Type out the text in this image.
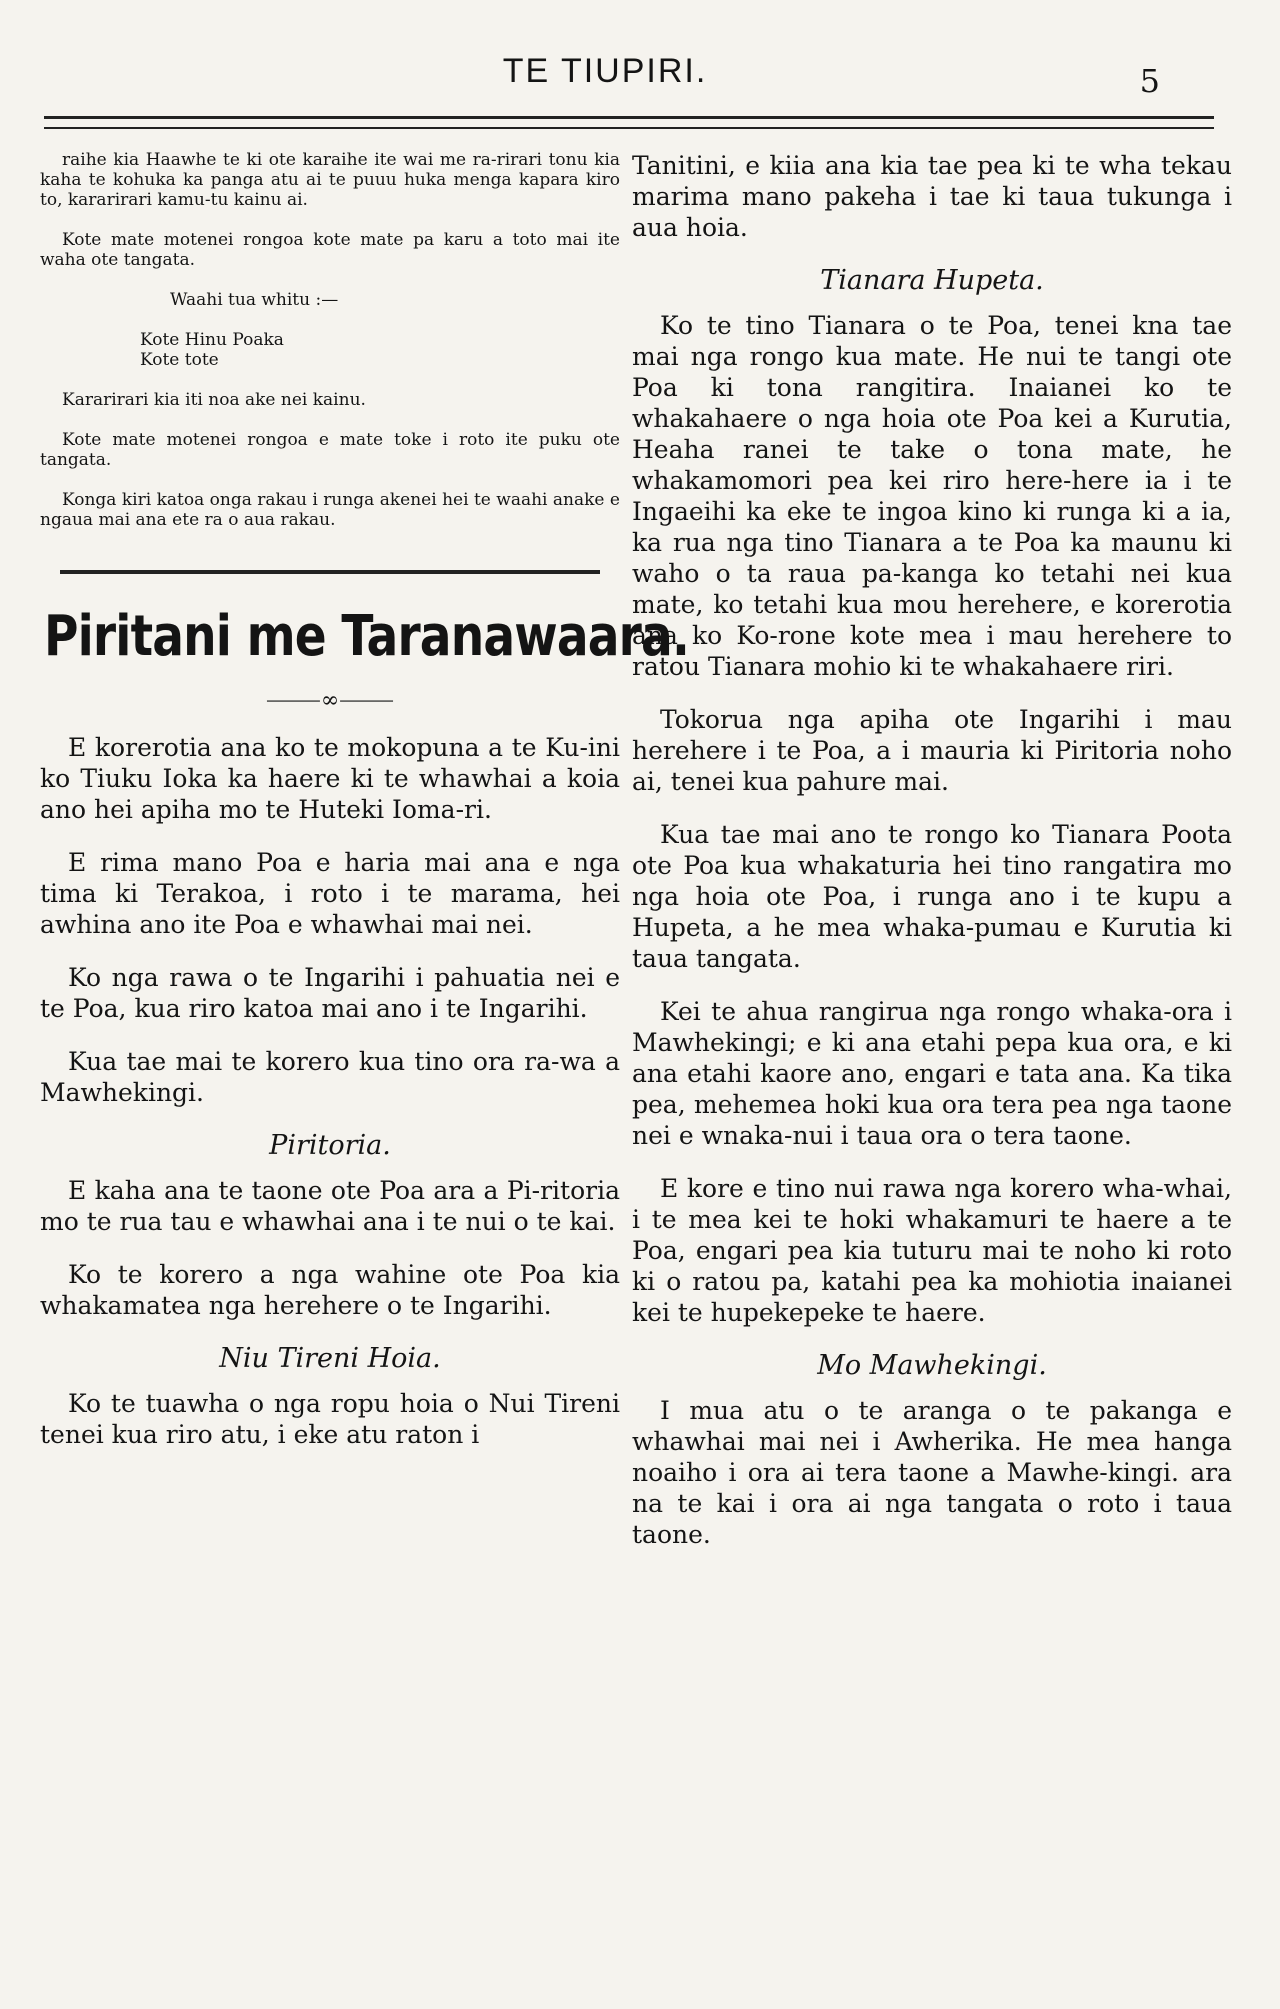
TE TIUPIRI.	5

raihe kia Haawhe te ki ote karaihe ite wai me ra-rirari tonu kia kaha te kohuka ka panga atu ai te puuu huka menga kapara kiro to, kararirari kamu-tu kainu ai.

Kote mate motenei rongoa kote mate pa karu a toto mai ite waha ote tangata.

Waahi tua whitu :—

Kote Hinu Poaka

Kote tote

Kararirari kia iti noa ake nei kainu.

Kote mate motenei rongoa e mate toke i roto ite puku ote tangata.

Konga kiri katoa onga rakau i runga akenei hei te waahi anake e ngaua mai ana ete ra o aua rakau.

Piritani me Taranawaara.
⸻∞⸻

E korerotia ana ko te mokopuna a te Ku-ini ko Tiuku Ioka ka haere ki te whawhai a koia ano hei apiha mo te Huteki Ioma-ri.

E rima mano Poa e haria mai ana e nga tima ki Terakoa, i roto i te marama, hei awhina ano ite Poa e whawhai mai nei.

Ko nga rawa o te Ingarihi i pahuatia nei e te Poa, kua riro katoa mai ano i te Ingarihi.

Kua tae mai te korero kua tino ora ra-wa a Mawhekingi.

Piritoria.

E kaha ana te taone ote Poa ara a Pi-ritoria mo te rua tau e whawhai ana i te nui o te kai.

Ko te korero a nga wahine ote Poa kia whakamatea nga herehere o te Ingarihi.

Niu Tireni Hoia.

Ko te tuawha o nga ropu hoia o Nui Tireni tenei kua riro atu, i eke atu raton i

Tanitini, e kiia ana kia tae pea ki te wha tekau marima mano pakeha i tae ki taua tukunga i aua hoia.

Tianara Hupeta.

Ko te tino Tianara o te Poa, tenei kna tae mai nga rongo kua mate. He nui te tangi ote Poa ki tona rangitira. Inaianei ko te whakahaere o nga hoia ote Poa kei a Kurutia, Heaha ranei te take o tona mate, he whakamomori pea kei riro here-here ia i te Ingaeihi ka eke te ingoa kino ki runga ki a ia, ka rua nga tino Tianara a te Poa ka maunu ki waho o ta raua pa-kanga ko tetahi nei kua mate, ko tetahi kua mou herehere, e korerotia ana ko Ko-rone kote mea i mau herehere to ratou Tianara mohio ki te whakahaere riri.

Tokorua nga apiha ote Ingarihi i mau herehere i te Poa, a i mauria ki Piritoria noho ai, tenei kua pahure mai.

Kua tae mai ano te rongo ko Tianara Poota ote Poa kua whakaturia hei tino rangatira mo nga hoia ote Poa, i runga ano i te kupu a Hupeta, a he mea whaka-pumau e Kurutia ki taua tangata.

Kei te ahua rangirua nga rongo whaka-ora i Mawhekingi; e ki ana etahi pepa kua ora, e ki ana etahi kaore ano, engari e tata ana. Ka tika pea, mehemea hoki kua ora tera pea nga taone nei e wnaka-nui i taua ora o tera taone.

E kore e tino nui rawa nga korero wha-whai, i te mea kei te hoki whakamuri te haere a te Poa, engari pea kia tuturu mai te noho ki roto ki o ratou pa, katahi pea ka mohiotia inaianei kei te hupekepeke te haere.

Mo Mawhekingi.

I mua atu o te aranga o te pakanga e whawhai mai nei i Awherika. He mea hanga noaiho i ora ai tera taone a Mawhe-kingi. ara na te kai i ora ai nga tangata o roto i taua taone.
